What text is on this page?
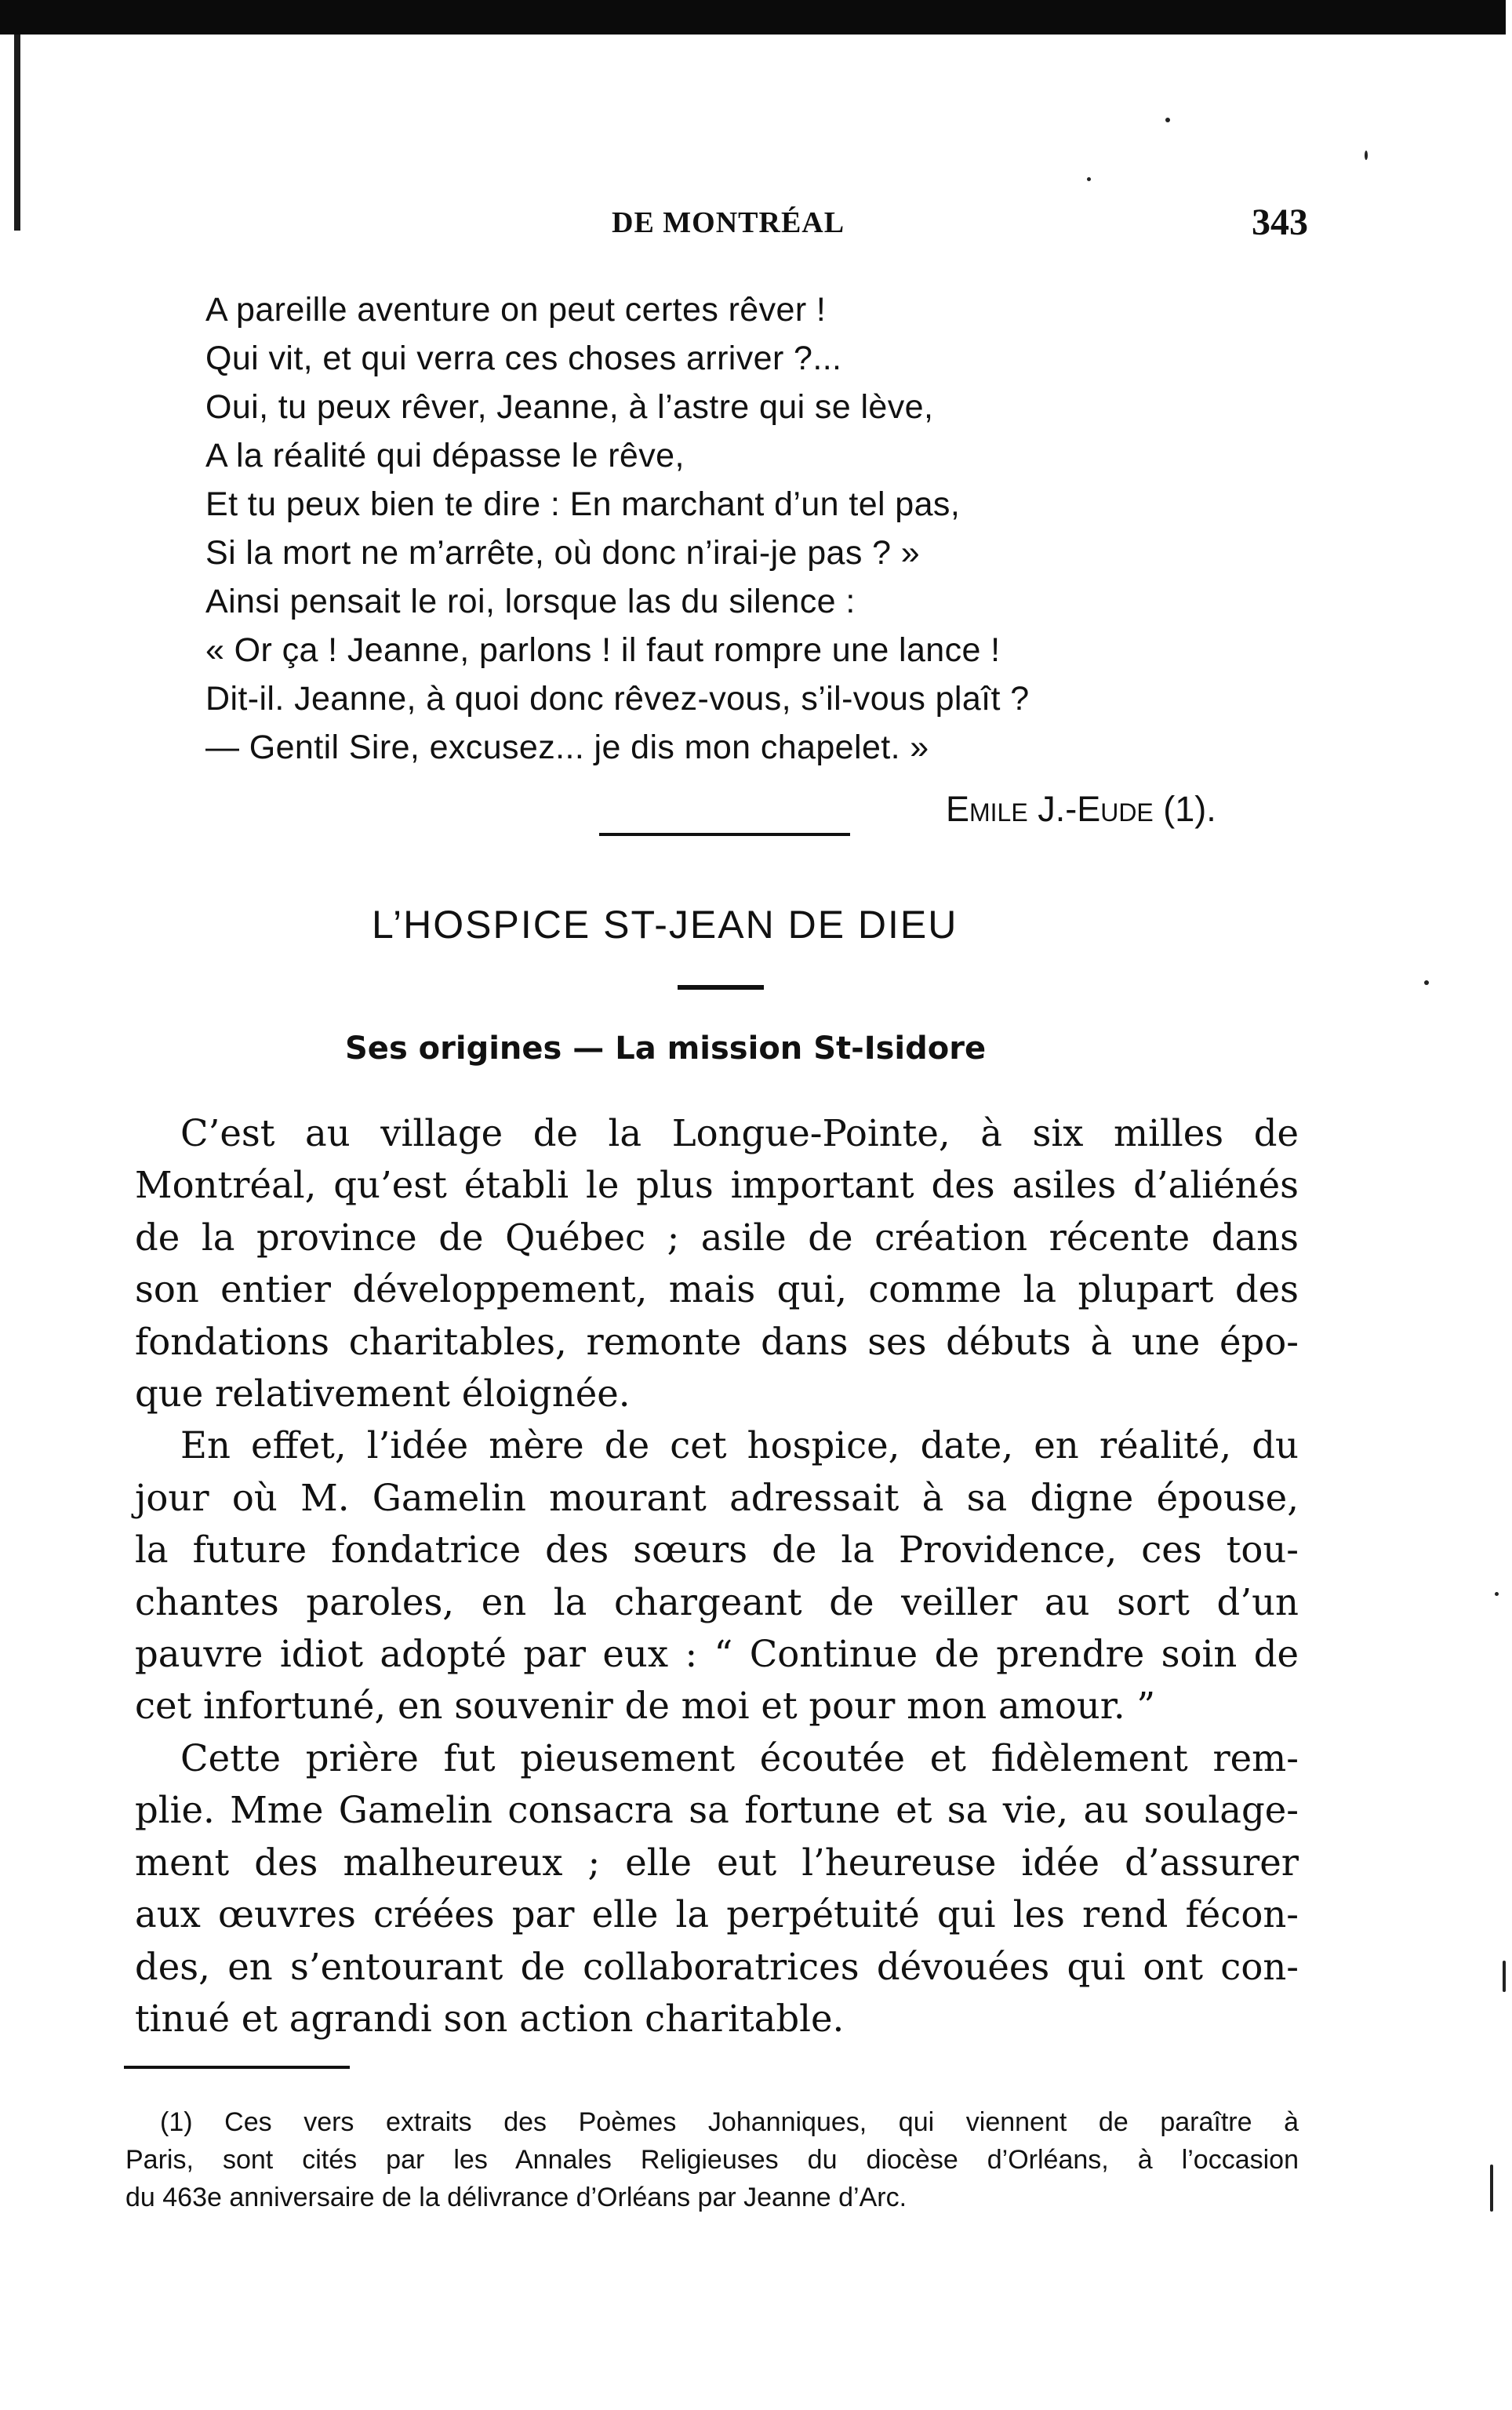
DE MONTRÉAL	343
A pareille aventure on peut certes rêver !
Qui vit, et qui verra ces choses arriver ?...
Oui, tu peux rêver, Jeanne, à l’astre qui se lève,
A la réalité qui dépasse le rêve,
Et tu peux bien te dire : En marchant d’un tel pas,
Si la mort ne m’arrête, où donc n’irai-je pas ? »
Ainsi pensait le roi, lorsque las du silence :
« Or ça ! Jeanne, parlons ! il faut rompre une lance !
Dit-il. Jeanne, à quoi donc rêvez-vous, s’il-vous plaît ?
— Gentil Sire, excusez... je dis mon chapelet. »
Emile J.-Eude (1).
L’HOSPICE ST-JEAN DE DIEU
Ses origines — La mission St-Isidore
C’est au village de la Longue-Pointe, à six milles de
Montréal, qu’est établi le plus important des asiles d’aliénés
de la province de Québec ; asile de création récente dans
son entier développement, mais qui, comme la plupart des
fondations charitables, remonte dans ses débuts à une épo-
que relativement éloignée.
En effet, l’idée mère de cet hospice, date, en réalité, du
jour où M. Gamelin mourant adressait à sa digne épouse,
la future fondatrice des sœurs de la Providence, ces tou-
chantes paroles, en la chargeant de veiller au sort d’un
pauvre idiot adopté par eux : “ Continue de prendre soin de
cet infortuné, en souvenir de moi et pour mon amour. ”
Cette prière fut pieusement écoutée et fidèlement rem-
plie. Mme Gamelin consacra sa fortune et sa vie, au soulage-
ment des malheureux ; elle eut l’heureuse idée d’assurer
aux œuvres créées par elle la perpétuité qui les rend fécon-
des, en s’entourant de collaboratrices dévouées qui ont con-
tinué et agrandi son action charitable.
(1) Ces vers extraits des Poèmes Johanniques, qui viennent de paraître à
Paris, sont cités par les Annales Religieuses du diocèse d’Orléans, à l’occasion
du 463e anniversaire de la délivrance d’Orléans par Jeanne d’Arc.
